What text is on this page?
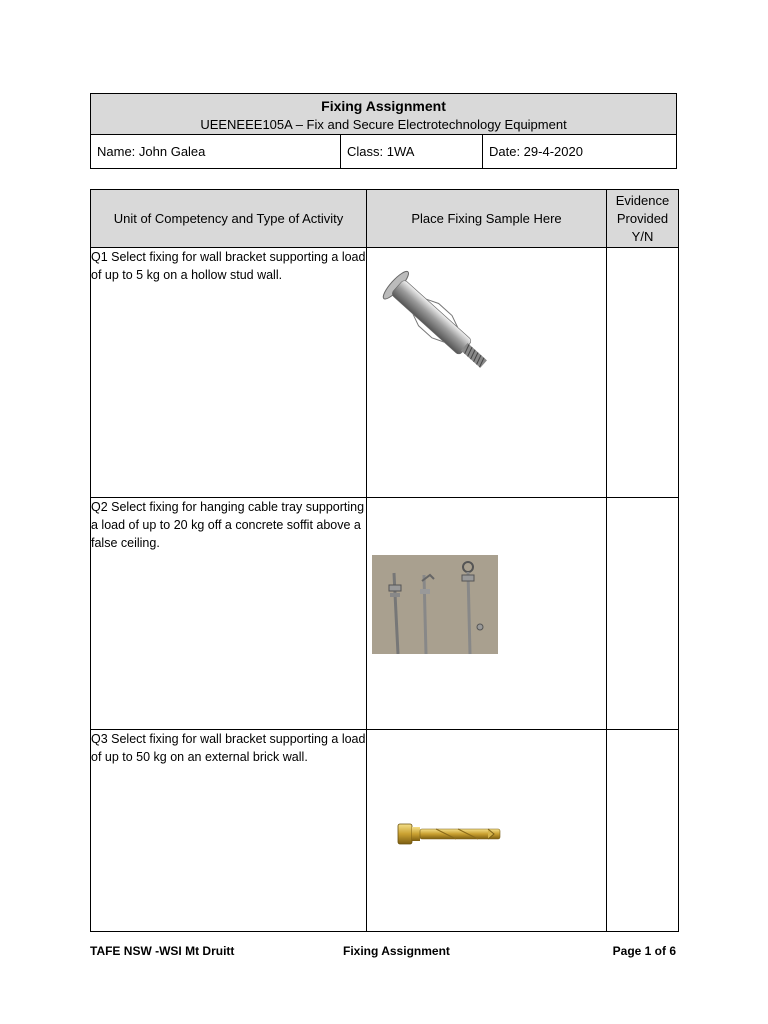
Fixing Assignment
UEENEEE105A – Fix and Secure Electrotechnology Equipment
Name: John Galea	Class: 1WA	Date: 29-4-2020
Unit of Competency and Type of Activity	Place Fixing Sample Here	Evidence Provided Y/N

Q1 Select fixing for wall bracket supporting a load of up to 5 kg on a hollow stud wall.	

Q2 Select fixing for hanging cable tray supporting a load of up to 20 kg off a concrete soffit above a false ceiling.	

Q3 Select fixing for wall bracket supporting a load of up to 50 kg on an external brick wall.	

TAFE NSW -WSI Mt Druitt	Fixing Assignment	Page 1 of 6
